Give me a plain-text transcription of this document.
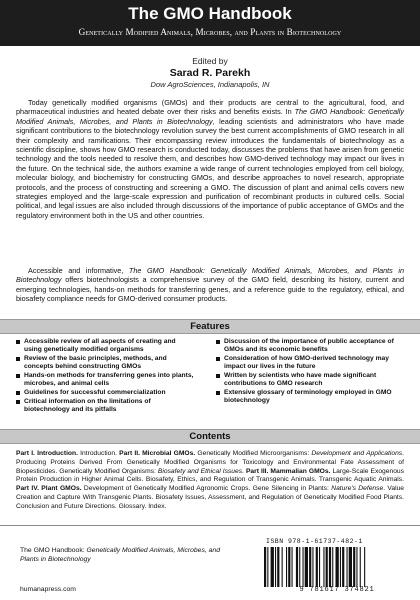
The GMO Handbook
Genetically Modified Animals, Microbes, and Plants in Biotechnology
Edited by
Sarad R. Parekh
Dow AgroSciences, Indianapolis, IN

Today genetically modified organisms (GMOs) and their products are central to the agricultural, food, and pharmaceutical industries and heated debate over their risks and benefits exists. In The GMO Handbook: Genetically Modified Animals, Microbes, and Plants in Biotechnology, leading scientists and administrators who have made significant contributions to the biotechnology revolution survey the best current accomplishments of GMO research in all their complexity and ramifications. Their encompassing review introduces the fundamentals of biotechnology as a scientific discipline, shows how GMO research is conducted today, discusses the problems that have arisen from genetic technology and the tools needed to resolve them, and describes how GMO-derived technology may impact our lives in the future. On the technical side, the authors examine a wide range of current technologies employed from cell biology, molecular biology, and biochemistry for constructing GMOs, and describe approaches to novel research, appropriate protocols, and the process of constructing and screening a GMO. The discussion of plant and animal cells covers new strategies employed and the large-scale expression and purification of recombinant products in cultured cells. Social political, and legal issues are also included through discussions of the importance of public acceptance of GMOs and the regulatory environment both in the US and other countries.

Accessible and informative, The GMO Handbook: Genetically Modified Animals, Microbes, and Plants in Biotechnology offers biotechnologists a comprehensive survey of the GMO field, describing its history, current and emerging technologies, hands-on methods for transferring genes, and a reference guide to the regulatory, ethical, and biosafety compliance needs for GMO-derived consumer products.

Features
Accessible review of all aspects of creating and using genetically modified organisms
Review of the basic principles, methods, and concepts behind constructing GMOs
Hands-on methods for transferring genes into plants, microbes, and animal cells
Guidelines for successful commercialization
Critical information on the limitations of biotechnology and its pitfalls
Discussion of the importance of public acceptance of GMOs and its economic benefits
Consideration of how GMO-derived technology may impact our lives in the future
Written by scientists who have made significant contributions to GMO research
Extensive glossary of terminology employed in GMO biotechnology
Contents

Part I. Introduction. Introduction. Part II. Microbial GMOs. Genetically Modified Microorganisms: Development and Applications. Producing Proteins Derived From Genetically Modified Organisms for Toxicology and Environmental Fate Assessment of Biopesticides. Genetically Modified Organisms: Biosafety and Ethical Issues. Part III. Mammalian GMOs. Large-Scale Exogenous Protein Production in Higher Animal Cells. Biosafety, Ethics, and Regulation of Transgenic Animals. Transgenic Aquatic Animals. Part IV. Plant GMOs. Development of Genetically Modified Agronomic Crops. Gene Silencing in Plants: Nature's Defense. Value Creation and Capture With Transgenic Plants. Biosafety Issues, Assessment, and Regulation of Genetically Modified Food Plants. Conclusion and Future Directions. Glossary. Index.

The GMO Handbook: Genetically Modified Animals, Microbes, and Plants in Biotechnology
humanapress.com
ISBN 978-1-61737-482-1
9 781617 374821
